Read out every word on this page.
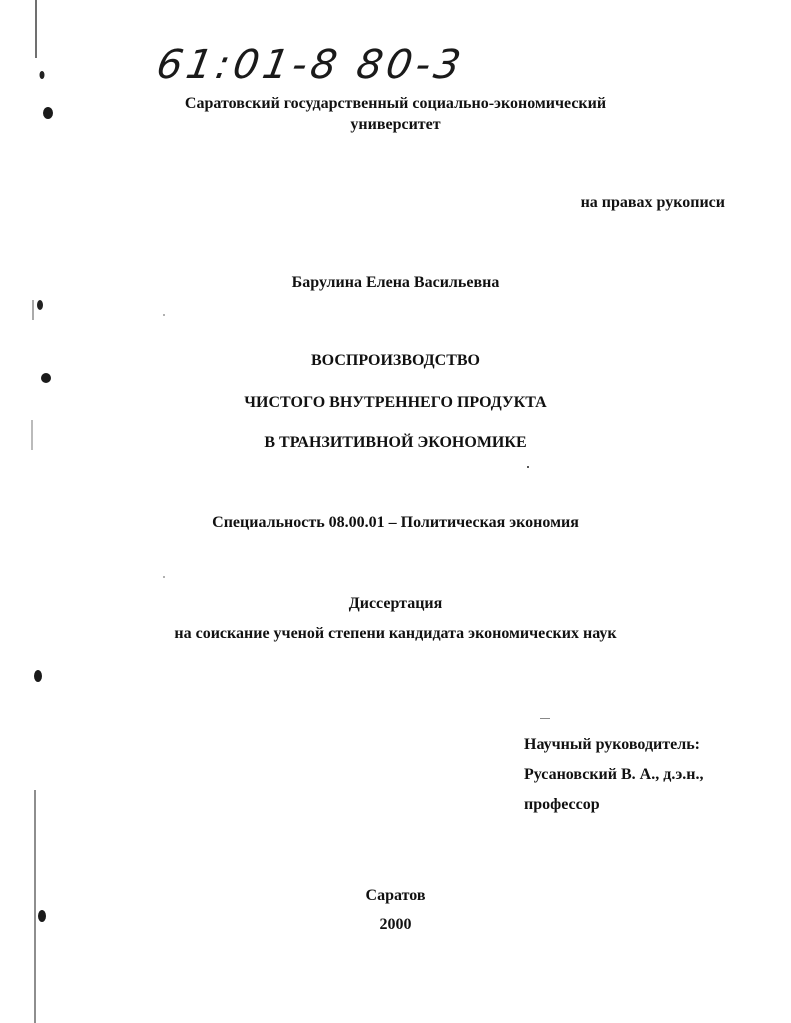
61:01-8 80-3
Саратовский государственный социально-экономический
университет
на правах рукописи
Барулина Елена Васильевна
ВОСПРОИЗВОДСТВО
ЧИСТОГО ВНУТРЕННЕГО ПРОДУКТА
В ТРАНЗИТИВНОЙ ЭКОНОМИКЕ
Специальность 08.00.01 – Политическая экономия
Диссертация
на соискание ученой степени кандидата экономических наук
Научный руководитель:
Русановский В. А., д.э.н.,
профессор
Саратов
2000
